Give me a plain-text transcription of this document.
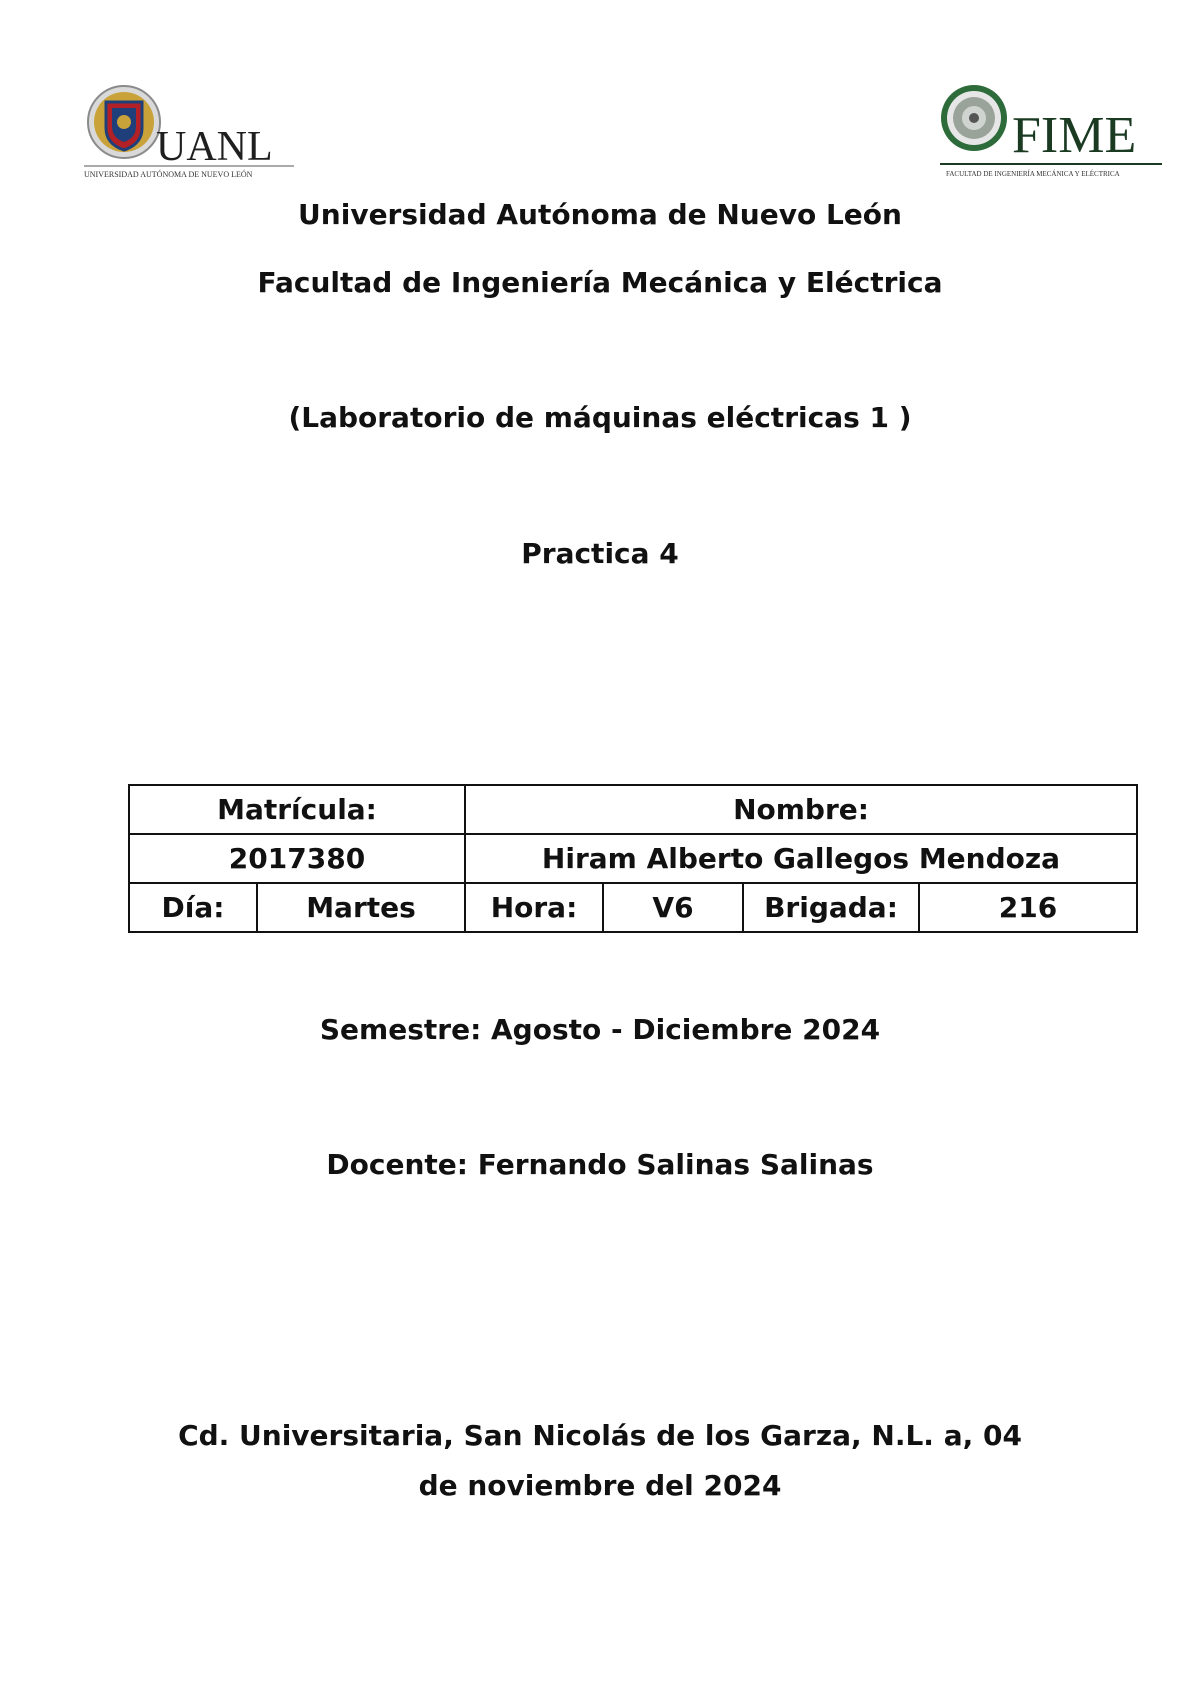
UANL
UNIVERSIDAD AUTÓNOMA DE NUEVO LEÓN
FIME
FACULTAD DE INGENIERÍA MECÁNICA Y ELÉCTRICA
Universidad Autónoma de Nuevo León
Facultad de Ingeniería Mecánica y Eléctrica
(Laboratorio de máquinas eléctricas 1 )
Practica 4
Matrícula:		Nombre:			
2017380		Hiram Alberto Gallegos Mendoza			
Día:	Martes	Hora:	V6	Brigada:	216
Semestre: Agosto - Diciembre 2024
Docente: Fernando Salinas Salinas
Cd. Universitaria, San Nicolás de los Garza, N.L. a, 04
de noviembre del 2024
